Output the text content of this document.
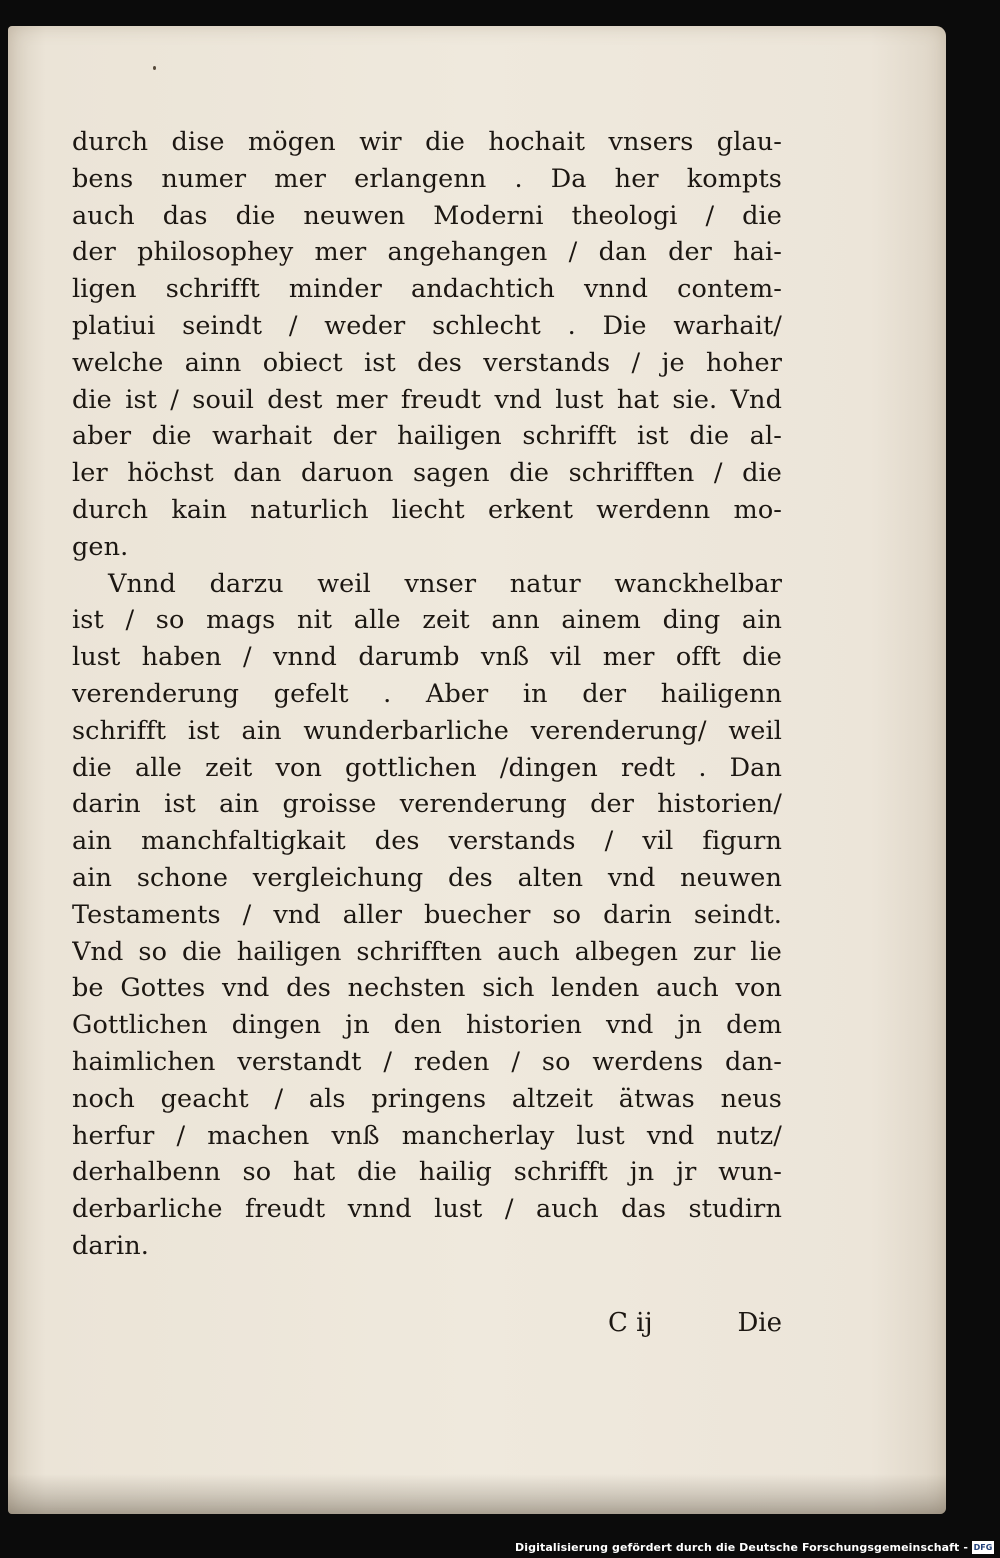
durch dise mögen wir die hochait vnsers glau-
bens numer mer erlangenn . Da her kompts
auch das die neuwen Moderni theologi / die
der philosophey mer angehangen / dan der hai-
ligen schrifft minder andachtich vnnd contem-
platiui seindt / weder schlecht . Die warhait/
welche ainn obiect ist des verstands / je hoher
die ist / souil dest mer freudt vnd lust hat sie. Vnd
aber die warhait der hailigen schrifft ist die al-
ler höchst dan daruon sagen die schrifften / die
durch kain naturlich liecht erkent werdenn mo-
gen.
Vnnd darzu weil vnser natur wanckhelbar
ist / so mags nit alle zeit ann ainem ding ain
lust haben / vnnd darumb vnß vil mer offt die
verenderung gefelt . Aber in der hailigenn
schrifft ist ain wunderbarliche verenderung/ weil
die alle zeit von gottlichen /dingen redt . Dan
darin ist ain groisse verenderung der historien/
ain manchfaltigkait des verstands / vil figurn
ain schone vergleichung des alten vnd neuwen
Testaments / vnd aller buecher so darin seindt.
Vnd so die hailigen schrifften auch albegen zur lie
be Gottes vnd des nechsten sich lenden auch von
Gottlichen dingen jn den historien vnd jn dem
haimlichen verstandt / reden / so werdens dan-
noch geacht / als pringens altzeit ätwas neus
herfur / machen vnß mancherlay lust vnd nutz/
derhalbenn so hat die hailig schrifft jn jr wun-
derbarliche freudt vnnd lust / auch das studirn
darin.
C ij	Die
Digitalisierung gefördert durch die Deutsche Forschungsgemeinschaft - DFG
